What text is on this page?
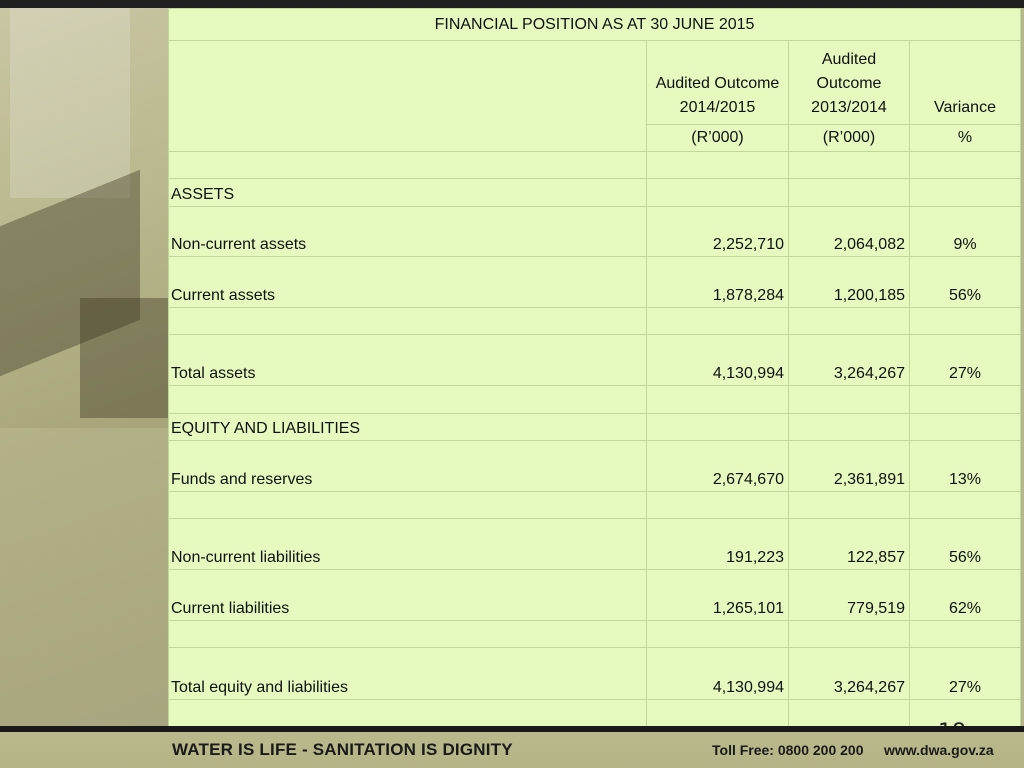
FINANCIAL POSITION AS AT 30 JUNE 2015			
	Audited Outcome 2014/2015	Audited Outcome 2013/2014	Variance
	(R’000)	(R’000)	%

ASSETS			
Non-current assets	2,252,710	2,064,082	9%
Current assets	1,878,284	1,200,185	56%

Total assets	4,130,994	3,264,267	27%

EQUITY AND LIABILITIES			
Funds and reserves	2,674,670	2,361,891	13%

Non-current liabilities	191,223	122,857	56%
Current liabilities	1,265,101	779,519	62%

Total equity and liabilities	4,130,994	3,264,267	27%

WATER IS LIFE - SANITATION IS DIGNITY	Toll Free: 0800 200 200 www.dwa.gov.za
